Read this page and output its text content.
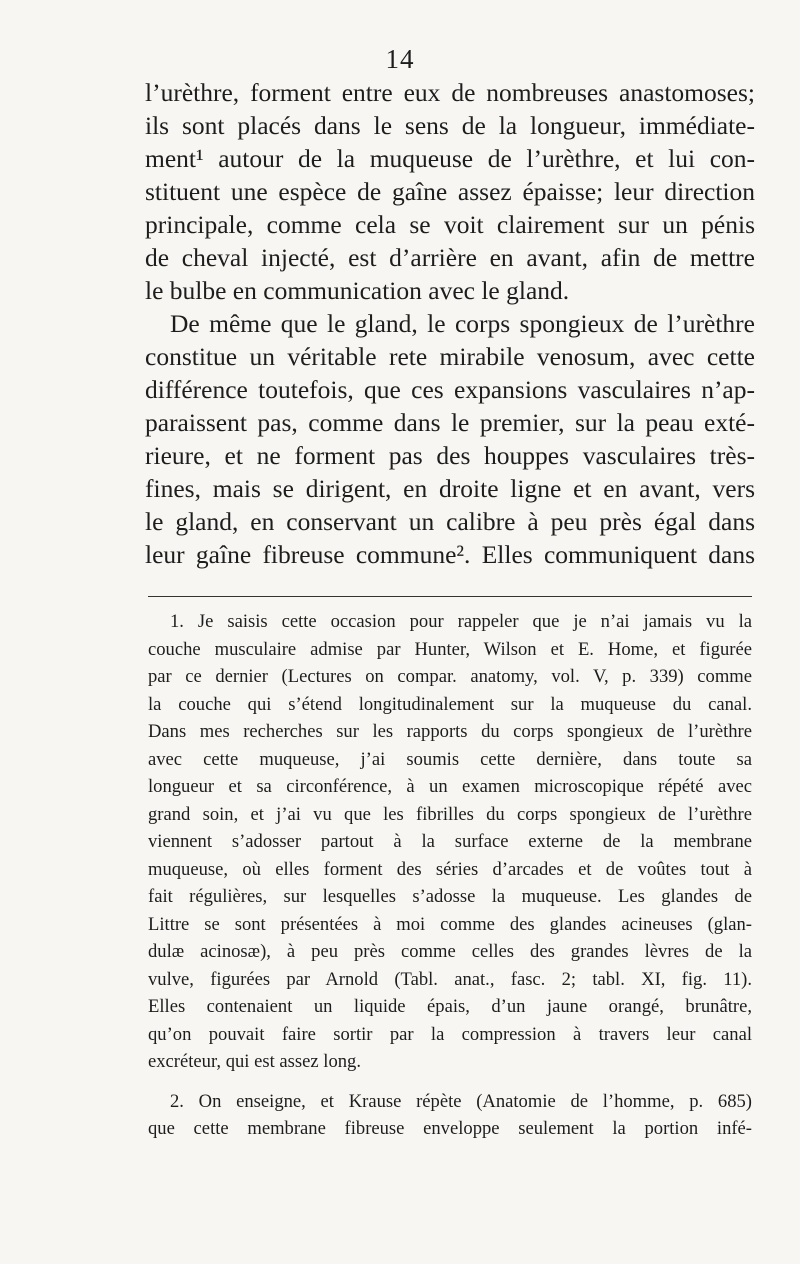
14
l’urèthre, forment entre eux de nombreuses anastomoses;
ils sont placés dans le sens de la longueur, immédiate-
ment¹ autour de la muqueuse de l’urèthre, et lui con-
stituent une espèce de gaîne assez épaisse; leur direction
principale, comme cela se voit clairement sur un pénis
de cheval injecté, est d’arrière en avant, afin de mettre
le bulbe en communication avec le gland.
De même que le gland, le corps spongieux de l’urèthre
constitue un véritable rete mirabile venosum, avec cette
différence toutefois, que ces expansions vasculaires n’ap-
paraissent pas, comme dans le premier, sur la peau exté-
rieure, et ne forment pas des houppes vasculaires très-
fines, mais se dirigent, en droite ligne et en avant, vers
le gland, en conservant un calibre à peu près égal dans
leur gaîne fibreuse commune². Elles communiquent dans
1. Je saisis cette occasion pour rappeler que je n’ai jamais vu la
couche musculaire admise par Hunter, Wilson et E. Home, et figurée
par ce dernier (Lectures on compar. anatomy, vol. V, p. 339) comme
la couche qui s’étend longitudinalement sur la muqueuse du canal.
Dans mes recherches sur les rapports du corps spongieux de l’urèthre
avec cette muqueuse, j’ai soumis cette dernière, dans toute sa
longueur et sa circonférence, à un examen microscopique répété avec
grand soin, et j’ai vu que les fibrilles du corps spongieux de l’urèthre
viennent s’adosser partout à la surface externe de la membrane
muqueuse, où elles forment des séries d’arcades et de voûtes tout à
fait régulières, sur lesquelles s’adosse la muqueuse. Les glandes de
Littre se sont présentées à moi comme des glandes acineuses (glan-
dulæ acinosæ), à peu près comme celles des grandes lèvres de la
vulve, figurées par Arnold (Tabl. anat., fasc. 2; tabl. XI, fig. 11).
Elles contenaient un liquide épais, d’un jaune orangé, brunâtre,
qu’on pouvait faire sortir par la compression à travers leur canal
excréteur, qui est assez long.
2. On enseigne, et Krause répète (Anatomie de l’homme, p. 685)
que cette membrane fibreuse enveloppe seulement la portion infé-
